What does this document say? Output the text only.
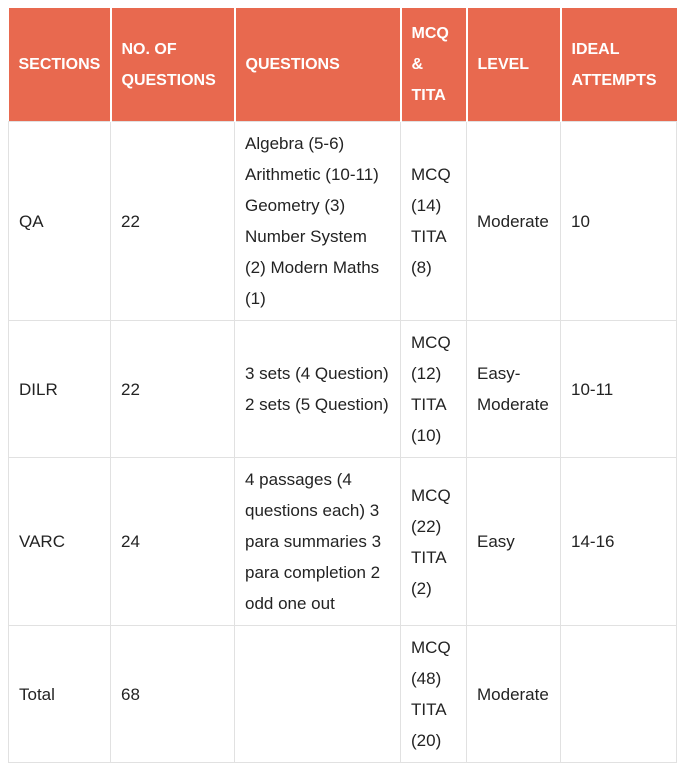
SECTIONS	NO. OF QUESTIONS	QUESTIONS	MCQ & TITA	LEVEL	IDEAL ATTEMPTS
QA	22	Algebra (5-6) Arithmetic (10-11) Geometry (3) Number System (2) Modern Maths (1)	MCQ (14) TITA (8)	Moderate	10
DILR	22	3 sets (4 Question) 2 sets (5 Question)	MCQ (12) TITA (10)	Easy-Moderate	10-11
VARC	24	4 passages (4 questions each) 3 para summaries 3 para completion 2 odd one out	MCQ (22) TITA (2)	Easy	14-16
Total	68		MCQ (48) TITA (20)	Moderate	
